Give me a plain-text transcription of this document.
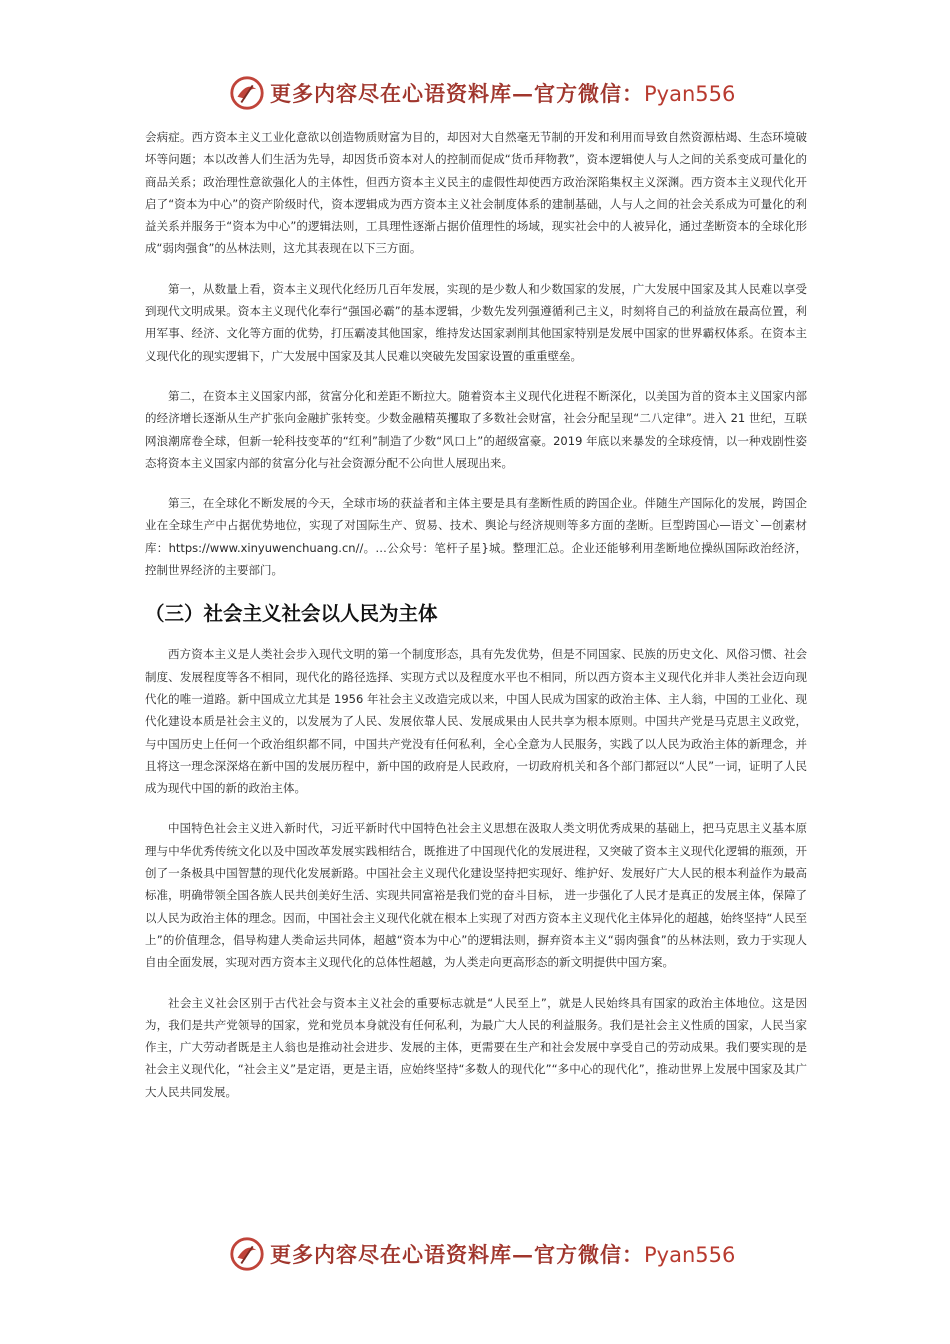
更多内容尽在心语资料库—官方微信：Pyan556

会病症。西方资本主义工业化意欲以创造物质财富为目的，却因对大自然毫无节制的开发和利用而导致自然资源枯竭、生态环境破坏等问题；本以改善人们生活为先导，却因货币资本对人的控制而促成“货币拜物教”，资本逻辑使人与人之间的关系变成可量化的商品关系；政治理性意欲强化人的主体性，但西方资本主义民主的虚假性却使西方政治深陷集权主义深渊。西方资本主义现代化开启了“资本为中心”的资产阶级时代，资本逻辑成为西方资本主义社会制度体系的建制基础，人与人之间的社会关系成为可量化的利益关系并服务于“资本为中心”的逻辑法则，工具理性逐渐占据价值理性的场域，现实社会中的人被异化，通过垄断资本的全球化形成“弱肉强食”的丛林法则，这尤其表现在以下三方面。

第一，从数量上看，资本主义现代化经历几百年发展，实现的是少数人和少数国家的发展，广大发展中国家及其人民难以享受到现代文明成果。资本主义现代化奉行“强国必霸”的基本逻辑，少数先发列强遵循利己主义，时刻将自己的利益放在最高位置，利用军事、经济、文化等方面的优势，打压霸凌其他国家，维持发达国家剥削其他国家特别是发展中国家的世界霸权体系。在资本主义现代化的现实逻辑下，广大发展中国家及其人民难以突破先发国家设置的重重壁垒。

第二，在资本主义国家内部，贫富分化和差距不断拉大。随着资本主义现代化进程不断深化，以美国为首的资本主义国家内部的经济增长逐渐从生产扩张向金融扩张转变。少数金融精英攫取了多数社会财富，社会分配呈现“二八定律”。进入 21 世纪，互联网浪潮席卷全球，但新一轮科技变革的“红利”制造了少数“风口上”的超级富豪。2019 年底以来暴发的全球疫情，以一种戏剧性姿态将资本主义国家内部的贫富分化与社会资源分配不公向世人展现出来。

第三，在全球化不断发展的今天，全球市场的获益者和主体主要是具有垄断性质的跨国企业。伴随生产国际化的发展，跨国企业在全球生产中占据优势地位，实现了对国际生产、贸易、技术、舆论与经济规则等多方面的垄断。巨型跨国心—语文`—创素材库：https://www.xinyuwenchuang.cn//。…公众号：笔杆子星}城。整理汇总。企业还能够利用垄断地位操纵国际政治经济，控制世界经济的主要部门。

（三）社会主义社会以人民为主体

西方资本主义是人类社会步入现代文明的第一个制度形态，具有先发优势，但是不同国家、民族的历史文化、风俗习惯、社会制度、发展程度等各不相同，现代化的路径选择、实现方式以及程度水平也不相同，所以西方资本主义现代化并非人类社会迈向现代化的唯一道路。新中国成立尤其是 1956 年社会主义改造完成以来，中国人民成为国家的政治主体、主人翁，中国的工业化、现代化建设本质是社会主义的，以发展为了人民、发展依靠人民、发展成果由人民共享为根本原则。中国共产党是马克思主义政党，与中国历史上任何一个政治组织都不同，中国共产党没有任何私利，全心全意为人民服务，实践了以人民为政治主体的新理念，并且将这一理念深深烙在新中国的发展历程中，新中国的政府是人民政府，一切政府机关和各个部门都冠以“人民”一词，证明了人民成为现代中国的新的政治主体。

中国特色社会主义进入新时代，习近平新时代中国特色社会主义思想在汲取人类文明优秀成果的基础上，把马克思主义基本原理与中华优秀传统文化以及中国改革发展实践相结合，既推进了中国现代化的发展进程，又突破了资本主义现代化逻辑的瓶颈，开创了一条极具中国智慧的现代化发展新路。中国社会主义现代化建设坚持把实现好、维护好、发展好广大人民的根本利益作为最高标准，明确带领全国各族人民共创美好生活、实现共同富裕是我们党的奋斗目标， 进一步强化了人民才是真正的发展主体，保障了以人民为政治主体的理念。因而，中国社会主义现代化就在根本上实现了对西方资本主义现代化主体异化的超越，始终坚持“人民至上”的价值理念，倡导构建人类命运共同体，超越“资本为中心”的逻辑法则，摒弃资本主义“弱肉强食”的丛林法则，致力于实现人自由全面发展，实现对西方资本主义现代化的总体性超越，为人类走向更高形态的新文明提供中国方案。

社会主义社会区别于古代社会与资本主义社会的重要标志就是“人民至上”，就是人民始终具有国家的政治主体地位。这是因为，我们是共产党领导的国家，党和党员本身就没有任何私利，为最广大人民的利益服务。我们是社会主义性质的国家，人民当家作主，广大劳动者既是主人翁也是推动社会进步、发展的主体，更需要在生产和社会发展中享受自己的劳动成果。我们要实现的是社会主义现代化，“社会主义”是定语，更是主语，应始终坚持“多数人的现代化”“多中心的现代化”，推动世界上发展中国家及其广大人民共同发展。

更多内容尽在心语资料库—官方微信：Pyan556
